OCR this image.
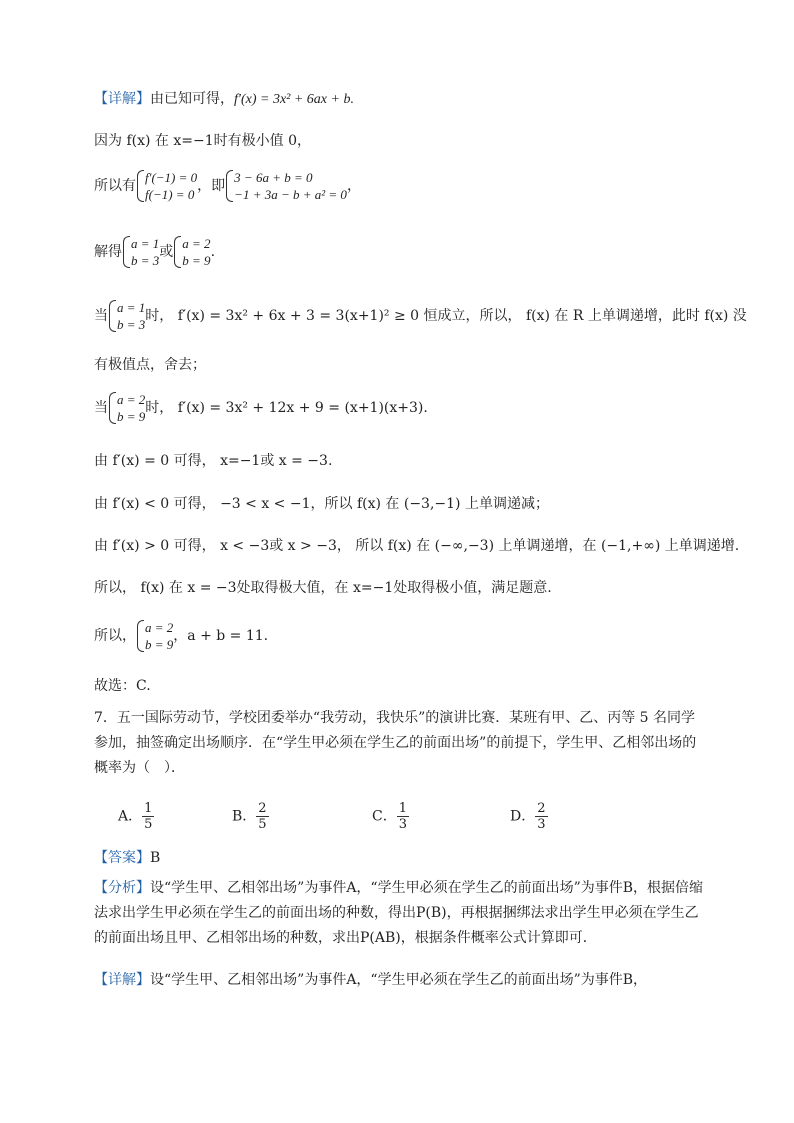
【详解】由已知可得，f′(x) = 3x² + 6ax + b.
因为 f(x) 在 x=−1时有极小值 0，
所以有
f′(−1) = 0
f(−1) = 0
，即
3 − 6a + b = 0
−1 + 3a − b + a² = 0
，
解得
a = 1
b = 3
或
a = 2
b = 9
.
当
a = 1
b = 3
时， f′(x) = 3x² + 6x + 3 = 3(x+1)² ≥ 0 恒成立，所以， f(x) 在 R 上单调递增，此时 f(x) 没
有极值点，舍去；
当
a = 2
b = 9
时， f′(x) = 3x² + 12x + 9 = (x+1)(x+3).
由 f′(x) = 0 可得， x=−1或 x = −3.
由 f′(x) < 0 可得， −3 < x < −1，所以 f(x) 在 (−3,−1) 上单调递减；
由 f′(x) > 0 可得， x < −3或 x > −3， 所以 f(x) 在 (−∞,−3) 上单调递增，在 (−1,+∞) 上单调递增.
所以， f(x) 在 x = −3处取得极大值，在 x=−1处取得极小值，满足题意.
所以，
a = 2
b = 9
，a + b = 11.
故选：C.
7．五一国际劳动节，学校团委举办“我劳动，我快乐”的演讲比赛．某班有甲、乙、丙等 5 名同学参加，抽签确定出场顺序．在“学生甲必须在学生乙的前面出场”的前提下，学生甲、乙相邻出场的概率为（　）．
A． $\frac{1}{5}$	B． $\frac{2}{5}$	C． $\frac{1}{3}$	D． $\frac{2}{3}$
【答案】B
【分析】设“学生甲、乙相邻出场”为事件A，“学生甲必须在学生乙的前面出场”为事件B，根据倍缩法求出学生甲必须在学生乙的前面出场的种数，得出P(B)，再根据捆绑法求出学生甲必须在学生乙的前面出场且甲、乙相邻出场的种数，求出P(AB)，根据条件概率公式计算即可．
【详解】设“学生甲、乙相邻出场”为事件A，“学生甲必须在学生乙的前面出场”为事件B，
